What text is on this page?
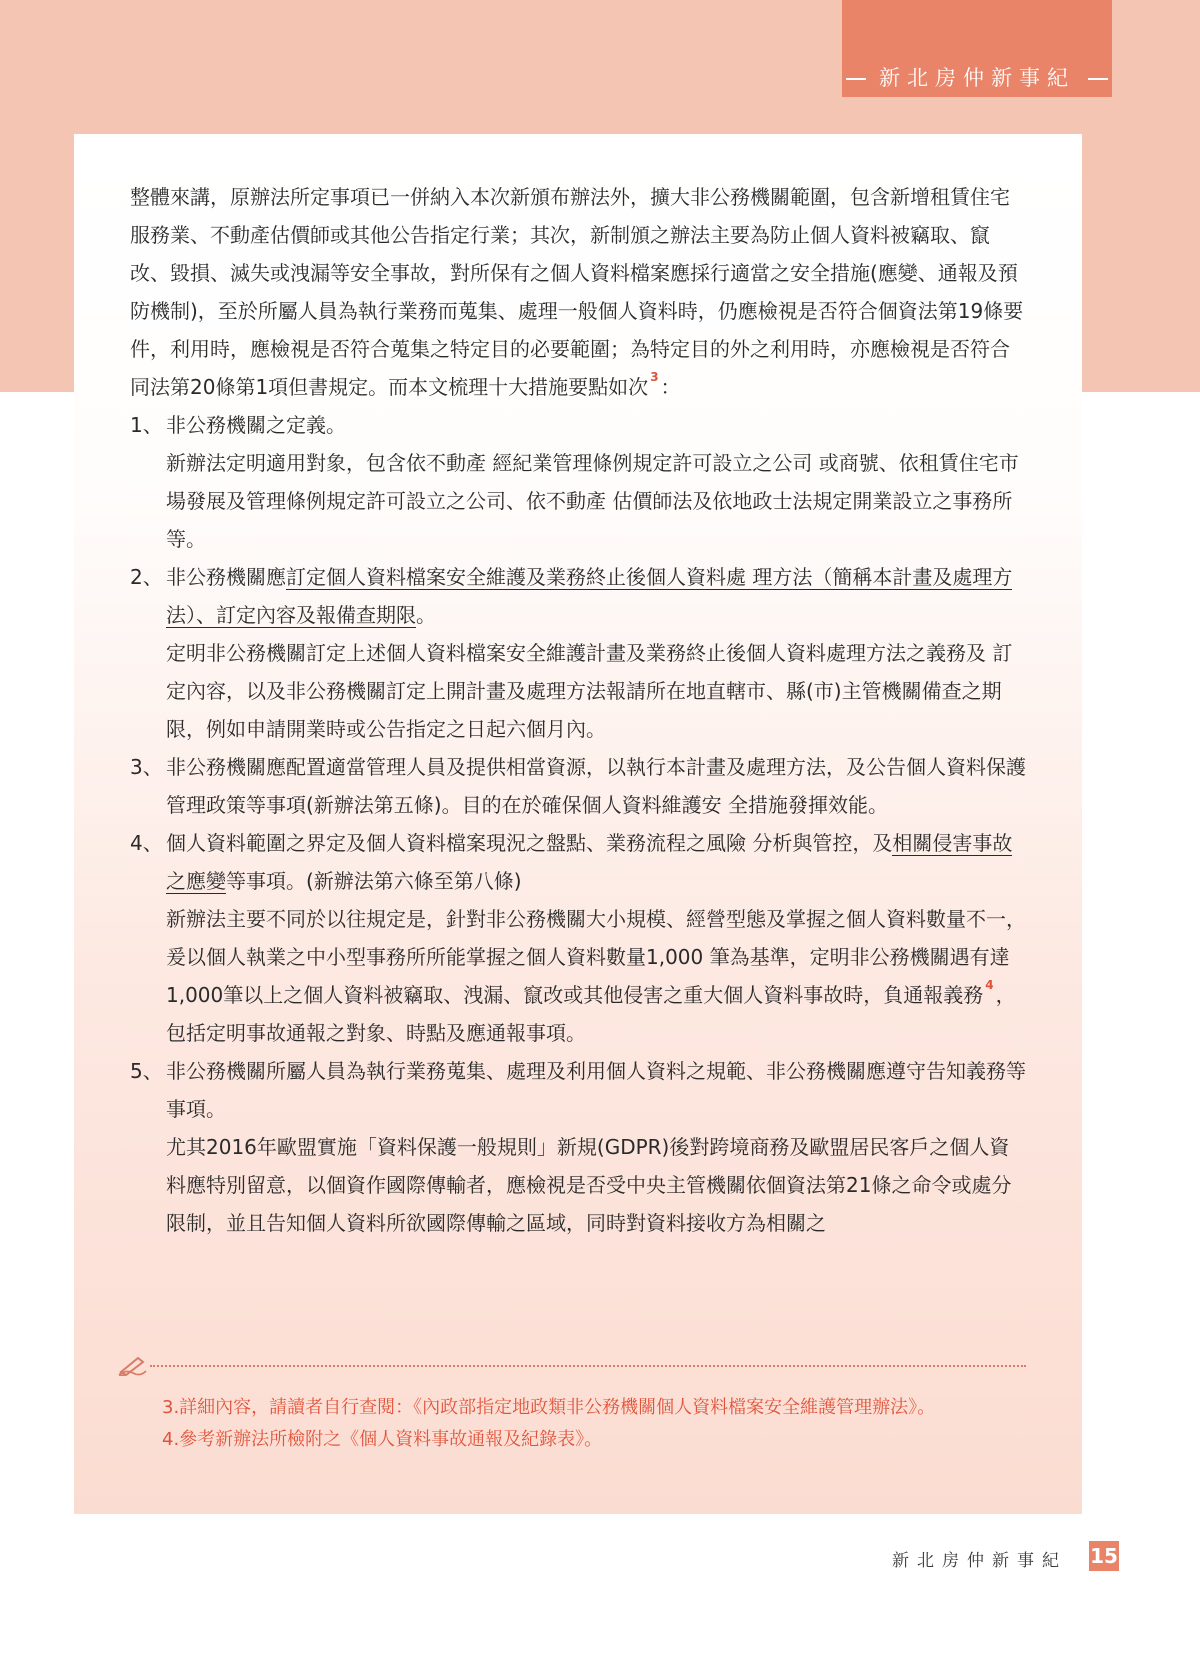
新北房仲新事紀

整體來講，原辦法所定事項已一併納入本次新頒布辦法外，擴大非公務機關範圍，包含新增租賃住宅服務業、不動產估價師或其他公告指定行業；其次，新制頒之辦法主要為防止個人資料被竊取、竄改、毀損、滅失或洩漏等安全事故，對所保有之個人資料檔案應採行適當之安全措施(應變、通報及預防機制)，至於所屬人員為執行業務而蒐集、處理一般個人資料時，仍應檢視是否符合個資法第19條要件，利用時，應檢視是否符合蒐集之特定目的必要範圍；為特定目的外之利用時，亦應檢視是否符合同法第20條第1項但書規定。而本文梳理十大措施要點如次 $^3$ ：

1、 非公務機關之定義。

新辦法定明適用對象，包含依不動產 經紀業管理條例規定許可設立之公司 或商號、依租賃住宅市場發展及管理條例規定許可設立之公司、依不動產 估價師法及依地政士法規定開業設立之事務所等。

2、 非公務機關應訂定個人資料檔案安全維護及業務終止後個人資料處 理方法（簡稱本計畫及處理方法）、訂定內容及報備查期限。

定明非公務機關訂定上述個人資料檔案安全維護計畫及業務終止後個人資料處理方法之義務及 訂定內容，以及非公務機關訂定上開計畫及處理方法報請所在地直轄市、縣(市)主管機關備查之期限，例如申請開業時或公告指定之日起六個月內。

3、 非公務機關應配置適當管理人員及提供相當資源，以執行本計畫及處理方法，及公告個人資料保護管理政策等事項(新辦法第五條)。目的在於確保個人資料維護安 全措施發揮效能。

4、 個人資料範圍之界定及個人資料檔案現況之盤點、業務流程之風險 分析與管控，及相關侵害事故之應變等事項。(新辦法第六條至第八條)

新辦法主要不同於以往規定是，針對非公務機關大小規模、經營型態及掌握之個人資料數量不一，爰以個人執業之中小型事務所所能掌握之個人資料數量1,000 筆為基準，定明非公務機關遇有達1,000筆以上之個人資料被竊取、洩漏、竄改或其他侵害之重大個人資料事故時，負通報義務 $^4$ ，包括定明事故通報之對象、時點及應通報事項。

5、 非公務機關所屬人員為執行業務蒐集、處理及利用個人資料之規範、非公務機關應遵守告知義務等事項。

尤其2016年歐盟實施「資料保護一般規則」新規(GDPR)後對跨境商務及歐盟居民客戶之個人資料應特別留意，以個資作國際傳輸者，應檢視是否受中央主管機關依個資法第21條之命令或處分限制，並且告知個人資料所欲國際傳輸之區域，同時對資料接收方為相關之

3.詳細內容，請讀者自行查閱：《內政部指定地政類非公務機關個人資料檔案安全維護管理辦法》。

4.參考新辦法所檢附之《個人資料事故通報及紀錄表》。

新北房仲新事紀 15
